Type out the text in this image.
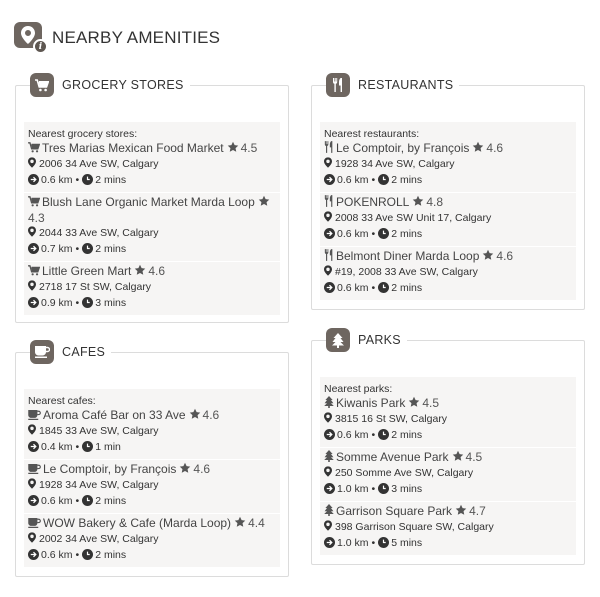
i NEARBY AMENITIES
GROCERY STORES
Nearest grocery stores:
Tres Marias Mexican Food Market 4.5
2006 34 Ave SW, Calgary
0.6 km • 2 mins
Blush Lane Organic Market Marda Loop4.3
2044 33 Ave SW, Calgary
0.7 km • 2 mins
Little Green Mart 4.6
2718 17 St SW, Calgary
0.9 km • 3 mins
RESTAURANTS
Nearest restaurants:
Le Comptoir, by François 4.6
1928 34 Ave SW, Calgary
0.6 km • 2 mins
POKENROLL 4.8
2008 33 Ave SW Unit 17, Calgary
0.6 km • 2 mins
Belmont Diner Marda Loop 4.6
#19, 2008 33 Ave SW, Calgary
0.6 km • 2 mins
CAFES
Nearest cafes:
Aroma Café Bar on 33 Ave 4.6
1845 33 Ave SW, Calgary
0.4 km • 1 min
Le Comptoir, by François 4.6
1928 34 Ave SW, Calgary
0.6 km • 2 mins
WOW Bakery & Cafe (Marda Loop) 4.4
2002 34 Ave SW, Calgary
0.6 km • 2 mins
PARKS
Nearest parks:
Kiwanis Park 4.5
3815 16 St SW, Calgary
0.6 km • 2 mins
Somme Avenue Park 4.5
250 Somme Ave SW, Calgary
1.0 km • 3 mins
Garrison Square Park 4.7
398 Garrison Square SW, Calgary
1.0 km • 5 mins
